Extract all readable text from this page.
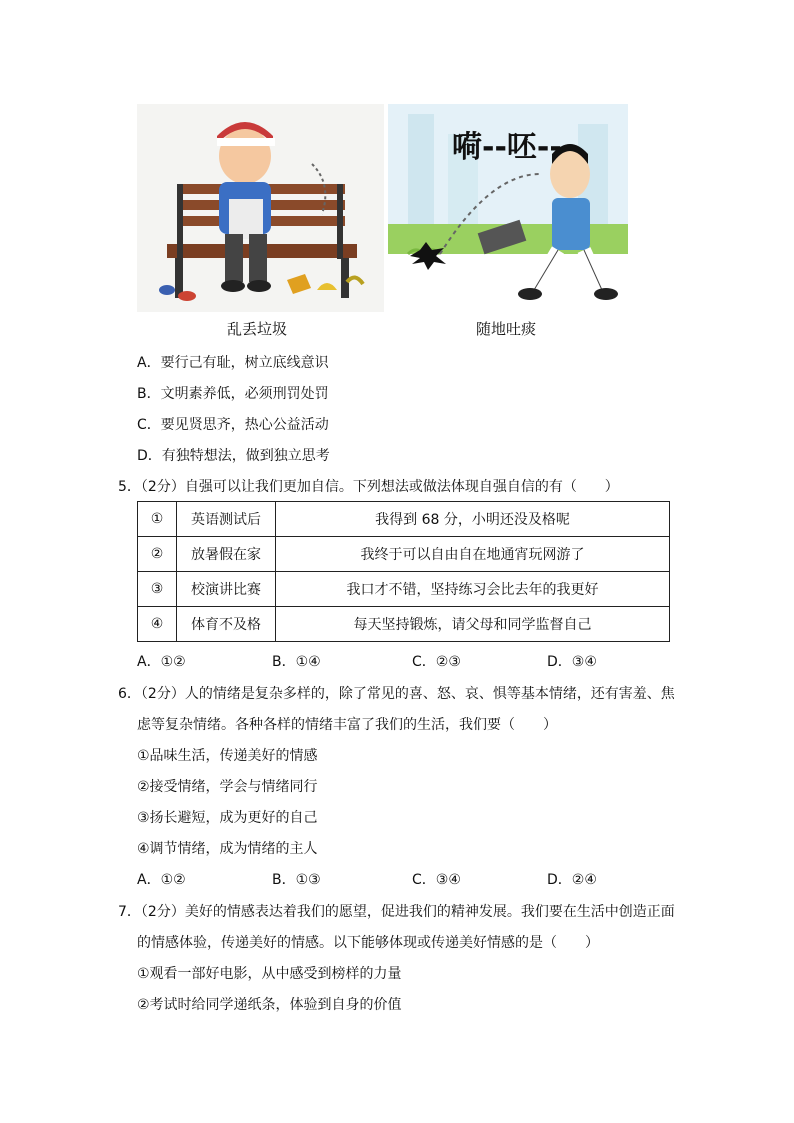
嗬--呸--
乱丢垃圾	随地吐痰
A．要行己有耻，树立底线意识
B．文明素养低，必须刑罚处罚
C．要见贤思齐，热心公益活动
D．有独特想法，做到独立思考
5．（2分）自强可以让我们更加自信。下列想法或做法体现自强自信的有（　　）
①	英语测试后	我得到 68 分，小明还没及格呢
②	放暑假在家	我终于可以自由自在地通宵玩网游了
③	校演讲比赛	我口才不错，坚持练习会比去年的我更好
④	体育不及格	每天坚持锻炼，请父母和同学监督自己
A．①②	B．①④	C．②③	D．③④
6．（2分）人的情绪是复杂多样的，除了常见的喜、怒、哀、惧等基本情绪，还有害羞、焦
虑等复杂情绪。各种各样的情绪丰富了我们的生活，我们要（　　）
①品味生活，传递美好的情感
②接受情绪，学会与情绪同行
③扬长避短，成为更好的自己
④调节情绪，成为情绪的主人
A．①②	B．①③	C．③④	D．②④
7．（2分）美好的情感表达着我们的愿望，促进我们的精神发展。我们要在生活中创造正面
的情感体验，传递美好的情感。以下能够体现或传递美好情感的是（　　）
①观看一部好电影，从中感受到榜样的力量
②考试时给同学递纸条，体验到自身的价值
